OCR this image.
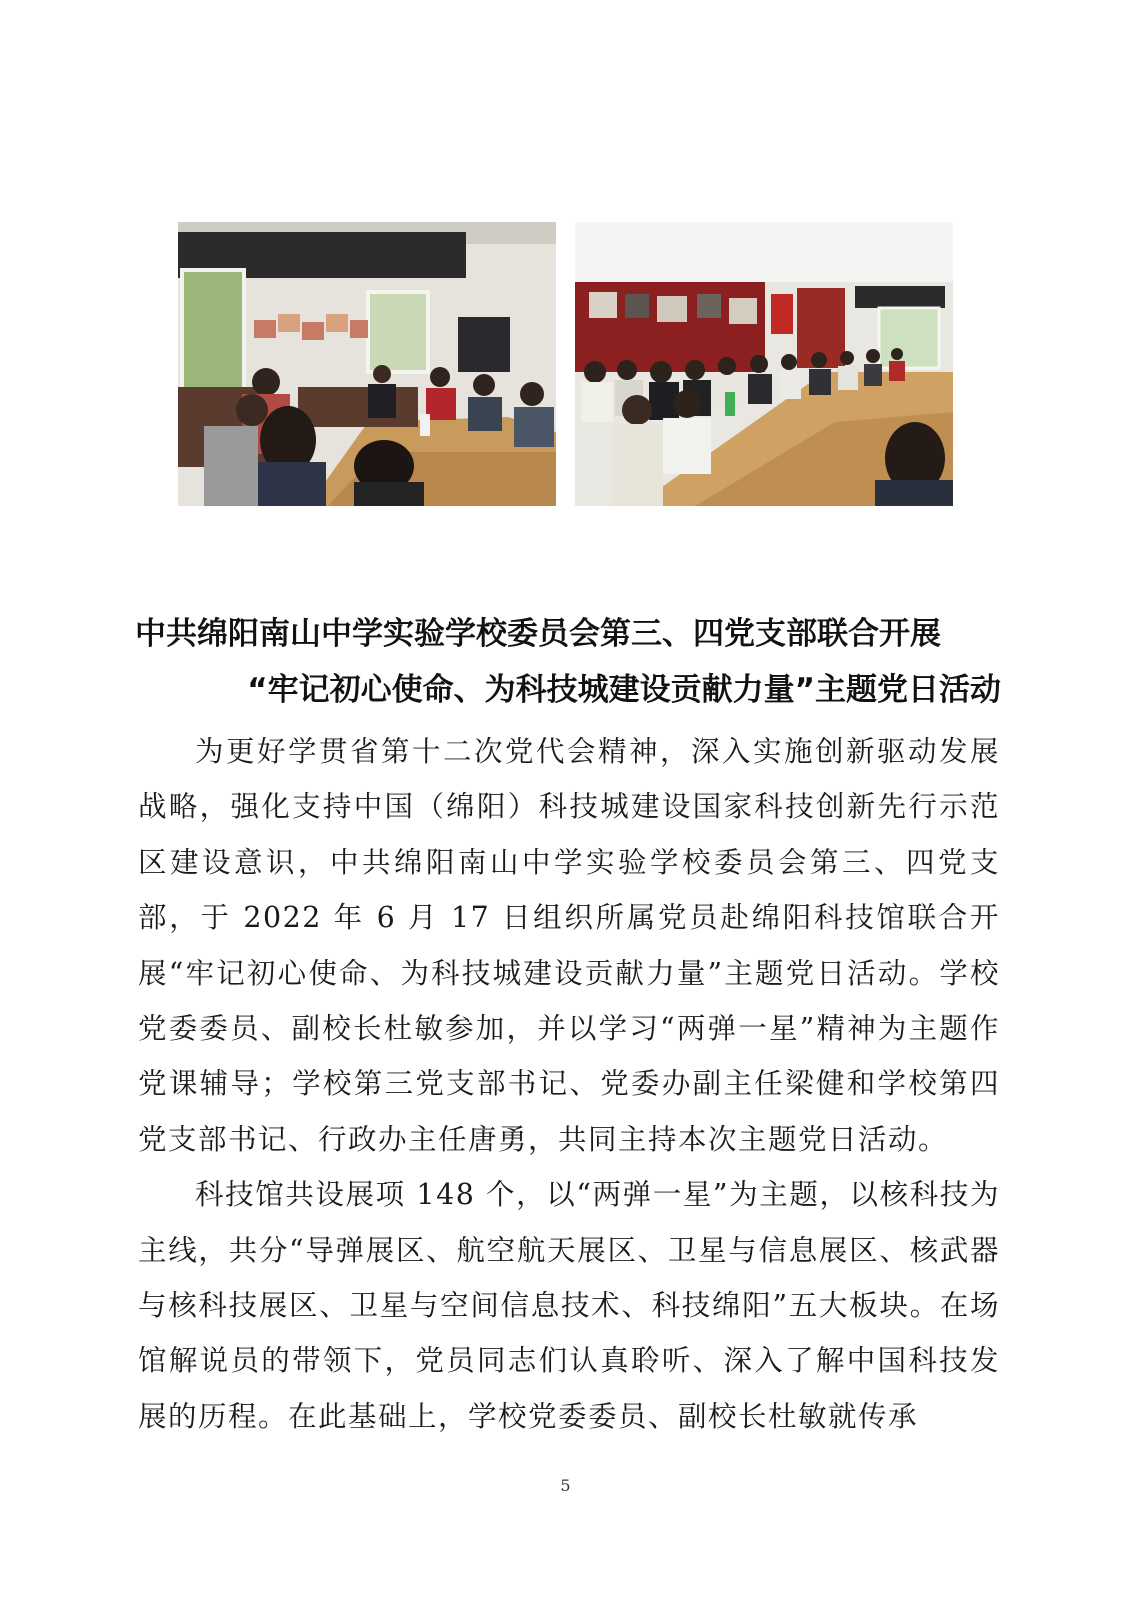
中共绵阳南山中学实验学校委员会第三、四党支部联合开展
“牢记初心使命、为科技城建设贡献力量”主题党日活动

为更好学贯省第十二次党代会精神，深入实施创新驱动发展战略，强化支持中国（绵阳）科技城建设国家科技创新先行示范区建设意识，中共绵阳南山中学实验学校委员会第三、四党支部，于 2022 年 6 月 17 日组织所属党员赴绵阳科技馆联合开展“牢记初心使命、为科技城建设贡献力量”主题党日活动。学校党委委员、副校长杜敏参加，并以学习“两弹一星”精神为主题作党课辅导；学校第三党支部书记、党委办副主任梁健和学校第四党支部书记、行政办主任唐勇，共同主持本次主题党日活动。

科技馆共设展项 148 个，以“两弹一星”为主题，以核科技为主线，共分“导弹展区、航空航天展区、卫星与信息展区、核武器与核科技展区、卫星与空间信息技术、科技绵阳”五大板块。在场馆解说员的带领下，党员同志们认真聆听、深入了解中国科技发展的历程。在此基础上，学校党委委员、副校长杜敏就传承

5
